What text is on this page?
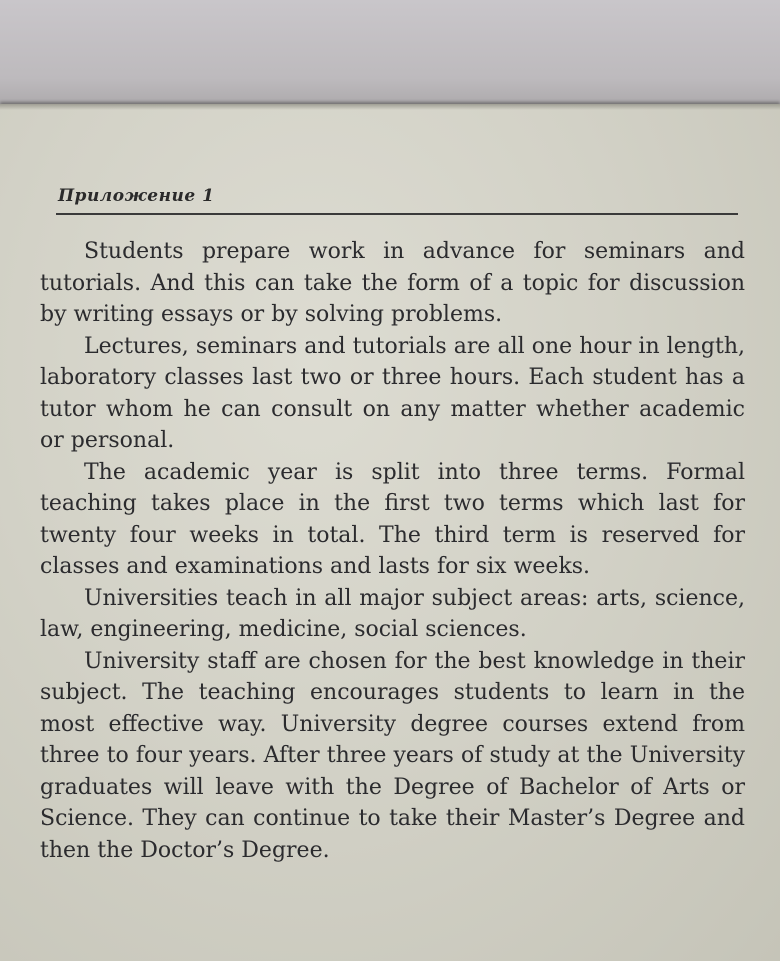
Приложение 1

Students prepare work in advance for seminars and tutorials. And this can take the form of a topic for discussion by writing essays or by solving problems.

Lectures, seminars and tutorials are all one hour in length, laboratory classes last two or three hours. Each student has a tutor whom he can consult on any matter whether academic or personal.

The academic year is split into three terms. Formal teaching takes place in the first two terms which last for twenty four weeks in total. The third term is reserved for classes and examinations and lasts for six weeks.

Universities teach in all major subject areas: arts, science, law, engineering, medicine, social sciences.

University staff are chosen for the best knowledge in their subject. The teaching encourages students to learn in the most effective way. University degree courses extend from three to four years. After three years of study at the University graduates will leave with the Degree of Bachelor of Arts or Science. They can continue to take their Master’s Degree and then the Doctor’s Degree.
